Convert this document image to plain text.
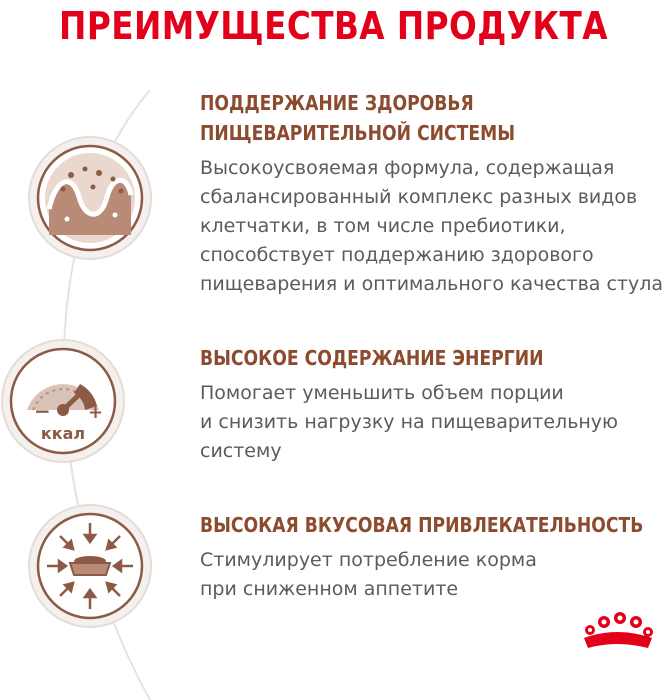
ПРЕИМУЩЕСТВА ПРОДУКТА
− +
ккал
ПОДДЕРЖАНИЕ ЗДОРОВЬЯ
ПИЩЕВАРИТЕЛЬНОЙ СИСТЕМЫ
Высокоусвояемая формула, содержащая
сбалансированный комплекс разных видов
клетчатки, в том числе пребиотики,
способствует поддержанию здорового
пищеварения и оптимального качества стула
ВЫСОКОЕ СОДЕРЖАНИЕ ЭНЕРГИИ
Помогает уменьшить объем порции
и снизить нагрузку на пищеварительную
систему
ВЫСОКАЯ ВКУСОВАЯ ПРИВЛЕКАТЕЛЬНОСТЬ
Стимулирует потребление корма
при сниженном аппетите
